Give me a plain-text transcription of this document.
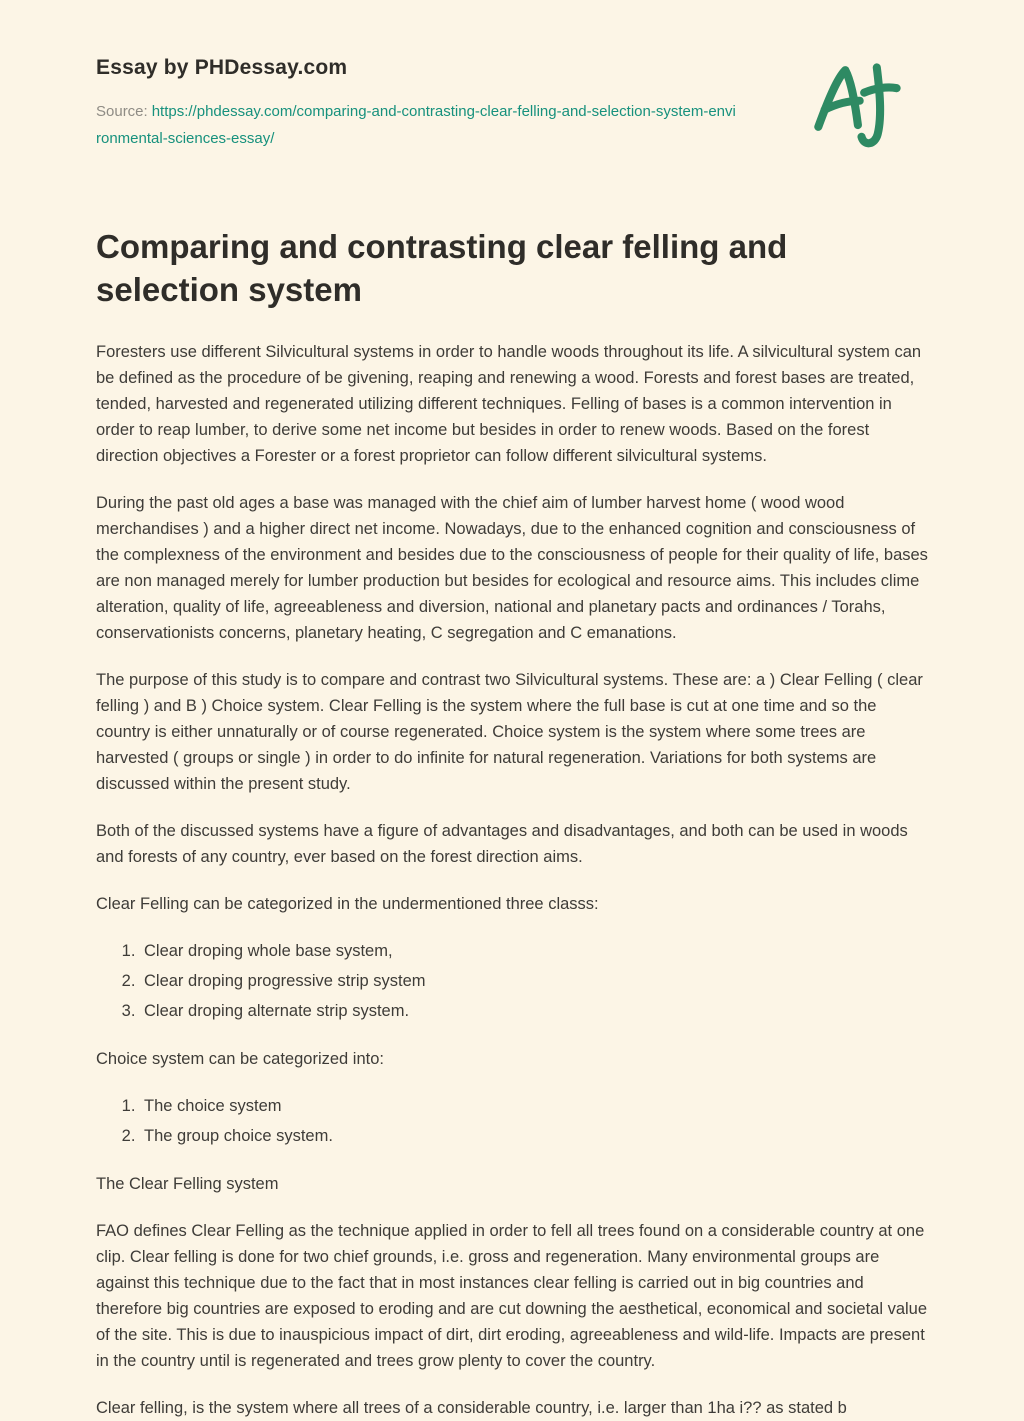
Essay by PHDessay.com

Source: https://phdessay.com/comparing-and-contrasting-clear-felling-and-selection-system-environmental-sciences-essay/

Comparing and contrasting clear felling and selection system

Foresters use different Silvicultural systems in order to handle woods throughout its life. A silvicultural system can be defined as the procedure of be givening, reaping and renewing a wood. Forests and forest bases are treated, tended, harvested and regenerated utilizing different techniques. Felling of bases is a common intervention in order to reap lumber, to derive some net income but besides in order to renew woods. Based on the forest direction objectives a Forester or a forest proprietor can follow different silvicultural systems.

During the past old ages a base was managed with the chief aim of lumber harvest home ( wood wood merchandises ) and a higher direct net income. Nowadays, due to the enhanced cognition and consciousness of the complexness of the environment and besides due to the consciousness of people for their quality of life, bases are non managed merely for lumber production but besides for ecological and resource aims. This includes clime alteration, quality of life, agreeableness and diversion, national and planetary pacts and ordinances / Torahs, conservationists concerns, planetary heating, C segregation and C emanations.

The purpose of this study is to compare and contrast two Silvicultural systems. These are: a ) Clear Felling ( clear felling ) and B ) Choice system. Clear Felling is the system where the full base is cut at one time and so the country is either unnaturally or of course regenerated. Choice system is the system where some trees are harvested ( groups or single ) in order to do infinite for natural regeneration. Variations for both systems are discussed within the present study.

Both of the discussed systems have a figure of advantages and disadvantages, and both can be used in woods and forests of any country, ever based on the forest direction aims.

Clear Felling can be categorized in the undermentioned three classs:

1. Clear droping whole base system,
2. Clear droping progressive strip system
3. Clear droping alternate strip system.

Choice system can be categorized into:

1. The choice system
2. The group choice system.

The Clear Felling system

FAO defines Clear Felling as the technique applied in order to fell all trees found on a considerable country at one clip. Clear felling is done for two chief grounds, i.e. gross and regeneration. Many environmental groups are against this technique due to the fact that in most instances clear felling is carried out in big countries and therefore big countries are exposed to eroding and are cut downing the aesthetical, economical and societal value of the site. This is due to inauspicious impact of dirt, dirt eroding, agreeableness and wild-life. Impacts are present in the country until is regenerated and trees grow plenty to cover the country.

Clear felling, is the system where all trees of a considerable country, i.e. larger than 1ha i?? as stated b
